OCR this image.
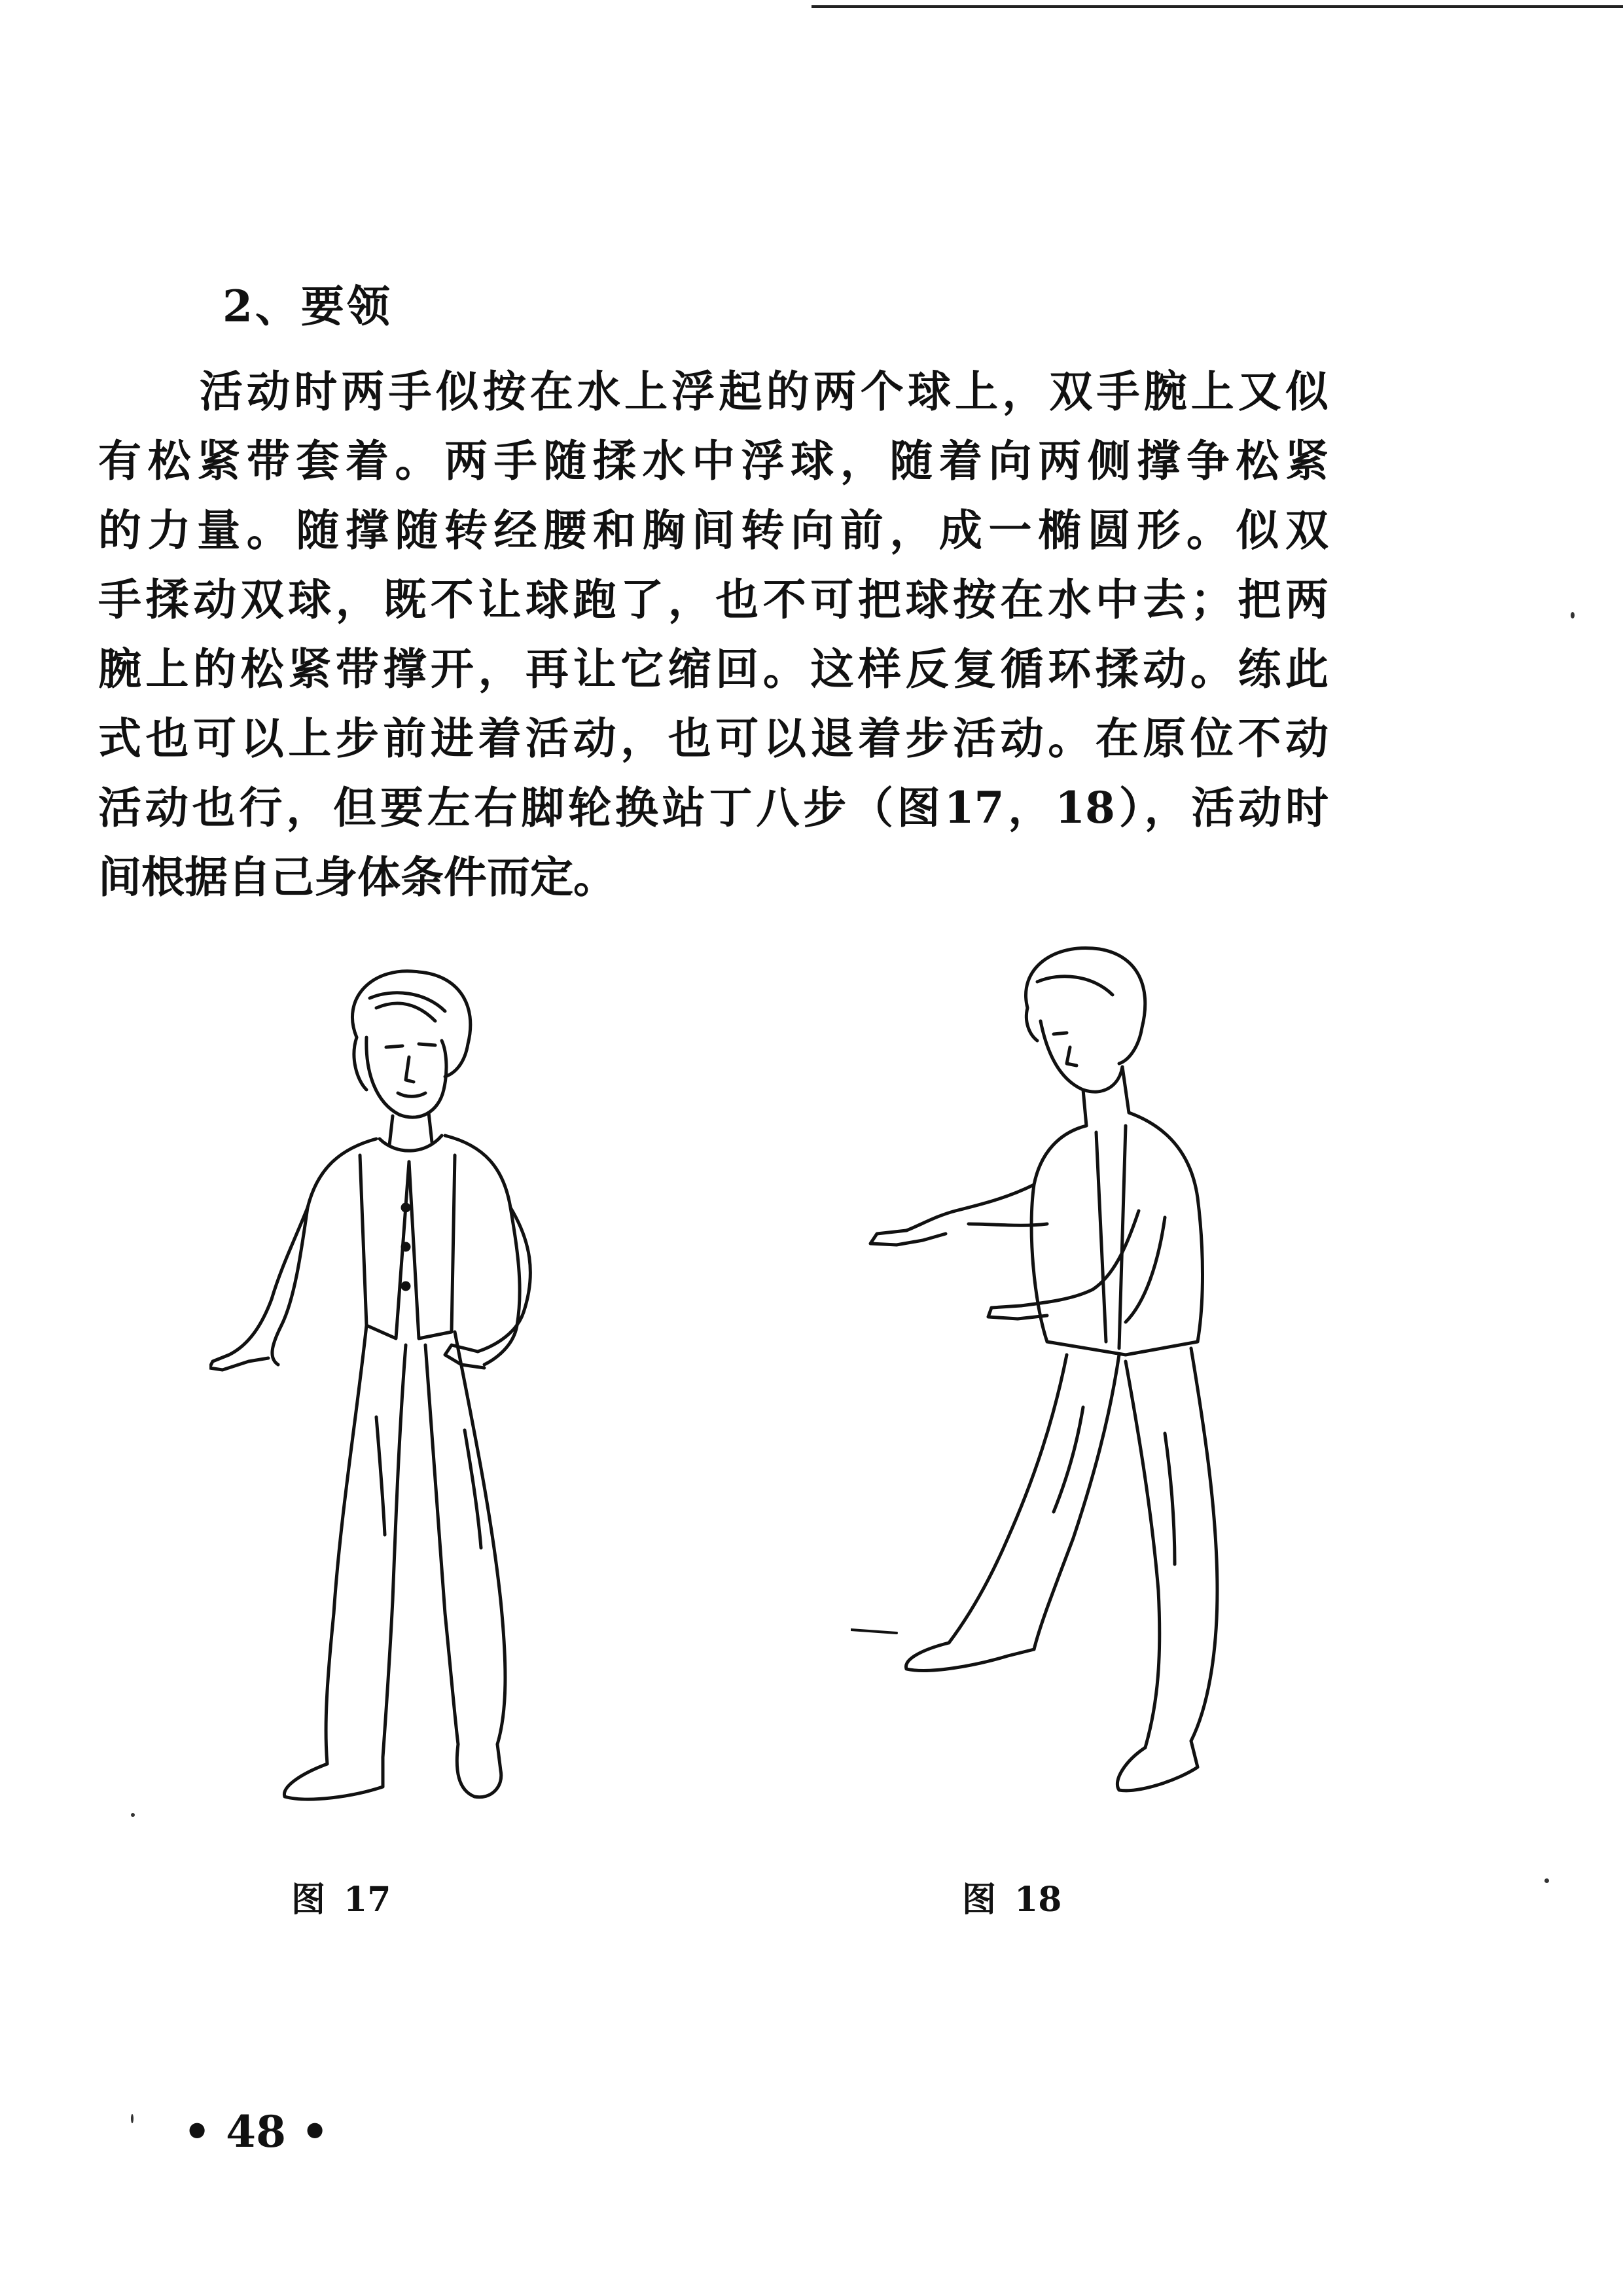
2、要领
活动时两手似按在水上浮起的两个球上，双手腕上又似
有松紧带套着。两手随揉水中浮球，随着向两侧撑争松紧
的力量。随撑随转经腰和胸间转向前，成一椭圆形。似双
手揉动双球，既不让球跑了，也不可把球按在水中去；把两
腕上的松紧带撑开，再让它缩回。这样反复循环揉动。练此
式也可以上步前进着活动，也可以退着步活动。在原位不动
活动也行，但要左右脚轮换站丁八步（图17，18），活动时
间根据自己身体条件而定。
图 17	图 18
• 48 •
